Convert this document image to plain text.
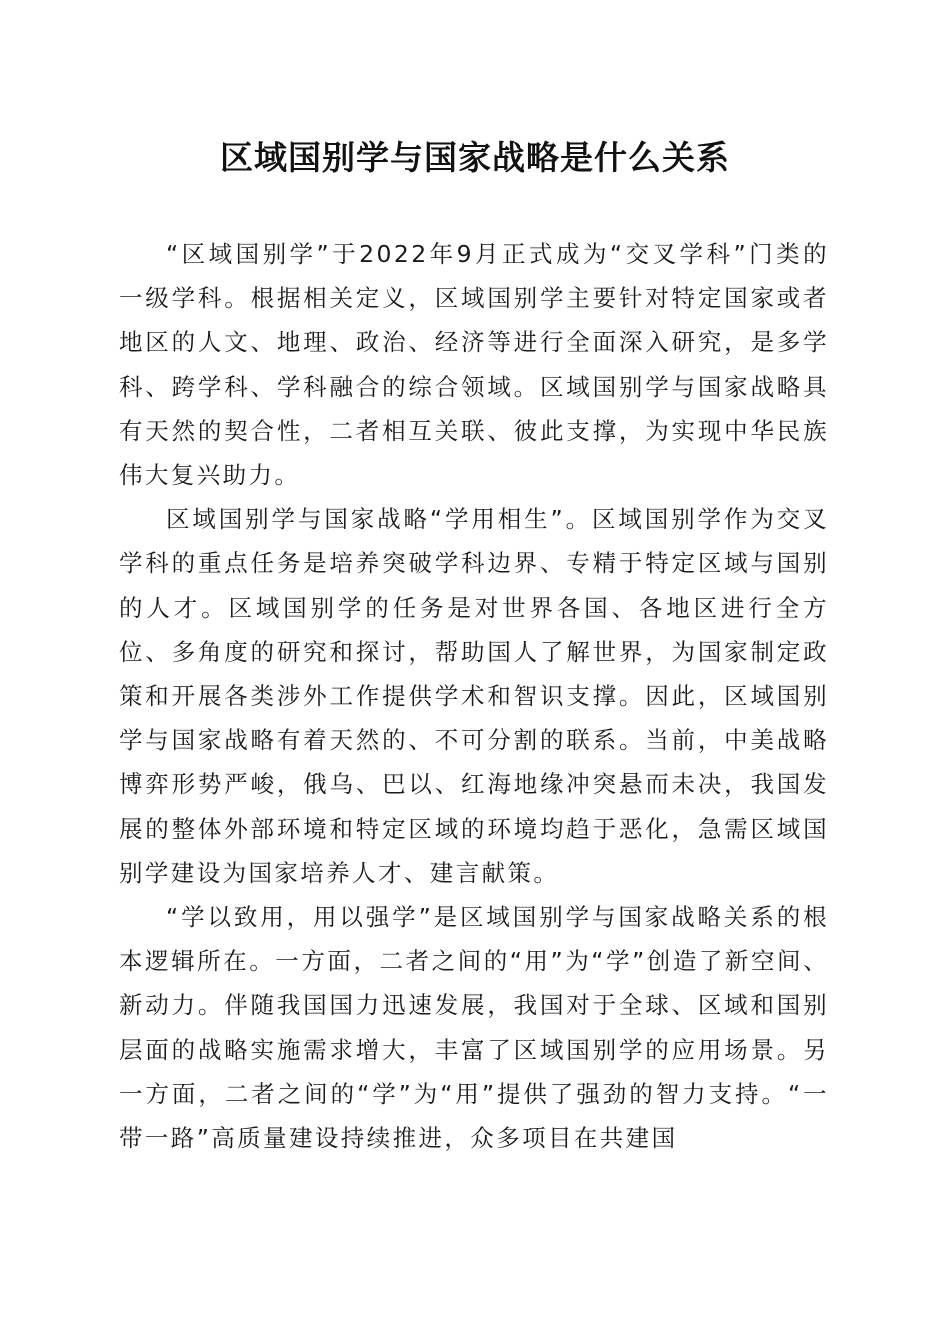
区域国别学与国家战略是什么关系

“区域国别学”于2022年9月正式成为“交叉学科”门类的一级学科。根据相关定义，区域国别学主要针对特定国家或者地区的人文、地理、政治、经济等进行全面深入研究，是多学科、跨学科、学科融合的综合领域。区域国别学与国家战略具有天然的契合性，二者相互关联、彼此支撑，为实现中华民族伟大复兴助力。

区域国别学与国家战略“学用相生”。区域国别学作为交叉学科的重点任务是培养突破学科边界、专精于特定区域与国别的人才。区域国别学的任务是对世界各国、各地区进行全方位、多角度的研究和探讨，帮助国人了解世界，为国家制定政策和开展各类涉外工作提供学术和智识支撑。因此，区域国别学与国家战略有着天然的、不可分割的联系。当前，中美战略博弈形势严峻，俄乌、巴以、红海地缘冲突悬而未决，我国发展的整体外部环境和特定区域的环境均趋于恶化，急需区域国别学建设为国家培养人才、建言献策。

“学以致用，用以强学”是区域国别学与国家战略关系的根本逻辑所在。一方面，二者之间的“用”为“学”创造了新空间、新动力。伴随我国国力迅速发展，我国对于全球、区域和国别层面的战略实施需求增大，丰富了区域国别学的应用场景。另一方面，二者之间的“学”为“用”提供了强劲的智力支持。“一带一路”高质量建设持续推进，众多项目在共建国
